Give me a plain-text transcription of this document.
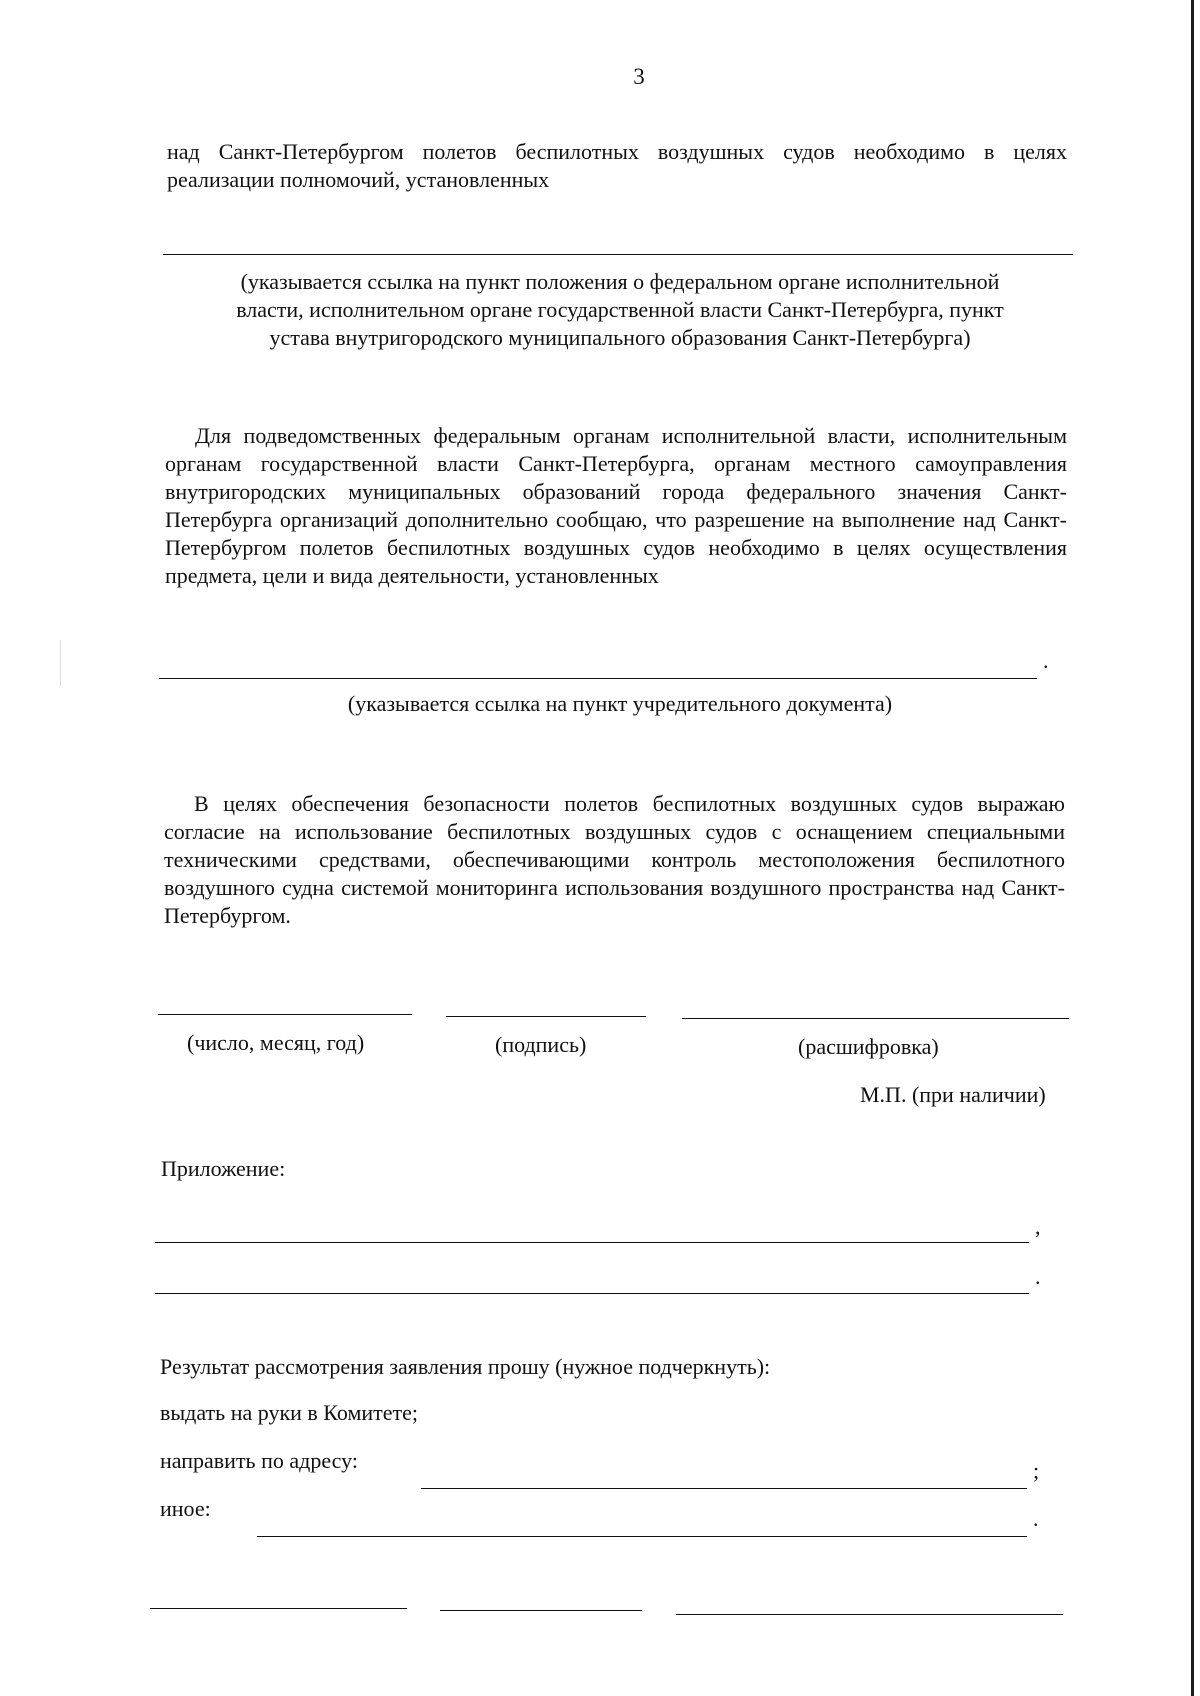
3

над Санкт-Петербургом полетов беспилотных воздушных судов необходимо в целях реализации полномочий, установленных

(указывается ссылка на пункт положения о федеральном органе исполнительной
власти, исполнительном органе государственной власти Санкт-Петербурга, пункт
устава внутригородского муниципального образования Санкт-Петербурга)

Для подведомственных федеральным органам исполнительной власти, исполнительным органам государственной власти Санкт-Петербурга, органам местного самоуправления внутригородских муниципальных образований города федерального значения Санкт-Петербурга организаций дополнительно сообщаю, что разрешение на выполнение над Санкт-Петербургом полетов беспилотных воздушных судов необходимо в целях осуществления предмета, цели и вида деятельности, установленных

.
(указывается ссылка на пункт учредительного документа)

В целях обеспечения безопасности полетов беспилотных воздушных судов выражаю согласие на использование беспилотных воздушных судов с оснащением специальными техническими средствами, обеспечивающими контроль местоположения беспилотного воздушного судна системой мониторинга использования воздушного пространства над Санкт-Петербургом.

(число, месяц, год)	(подпись)	(расшифровка)
М.П. (при наличии)
Приложение:
,
.
Результат рассмотрения заявления прошу (нужное подчеркнуть):
выдать на руки в Комитете;
направить по адресу:	;
иное:	.
